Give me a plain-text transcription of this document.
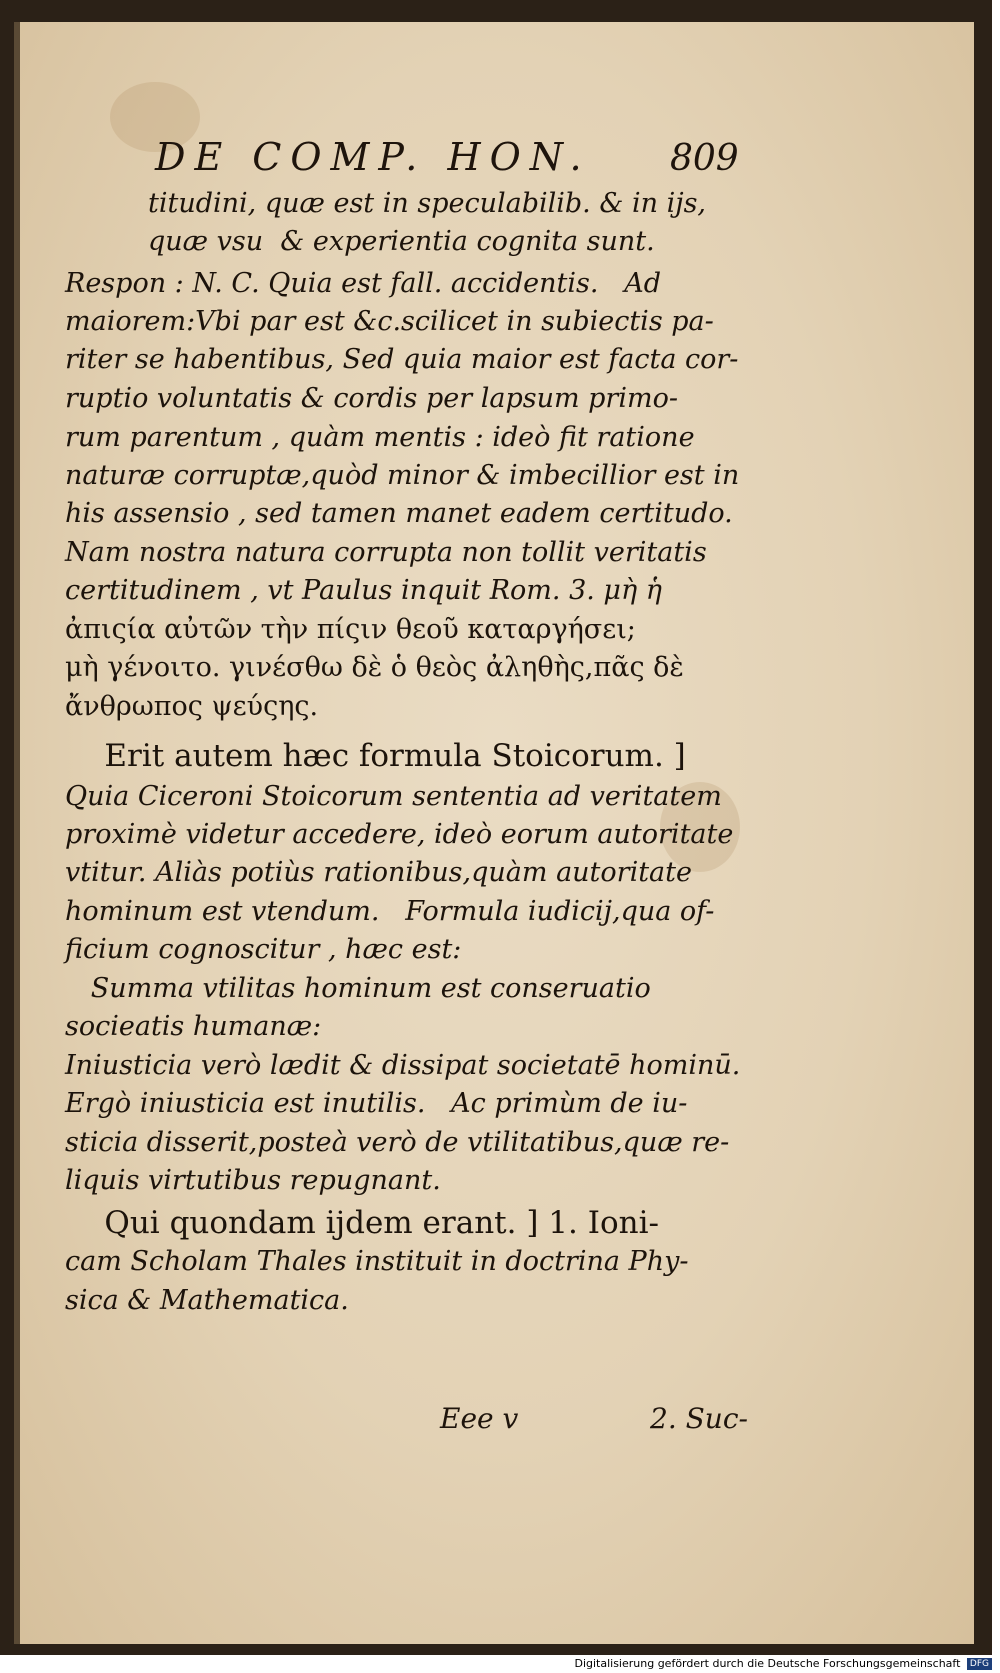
DE COMP. HON.	809
titudini, quæ est in speculabilib. & in ijs,
quæ vsu  & experientia cognita sunt.
Respon : N. C. Quia est fall. accidentis.   Ad
maiorem:Vbi par est &c.scilicet in subiectis pa-
riter se habentibus, Sed quia maior est facta cor-
ruptio voluntatis & cordis per lapsum primo-
rum parentum , quàm mentis : ideò fit ratione
naturæ corruptæ,quòd minor & imbecillior est in
his assensio , sed tamen manet eadem certitudo.
Nam nostra natura corrupta non tollit veritatis
certitudinem , vt Paulus inquit Rom. 3. μὴ ἡ
ἀπιςία αὐτῶν τὴν πίςιν θεοῦ καταργήσει;
μὴ γένοιτο. γινέσθω δὲ ὁ θεὸς ἀληθὴς,πᾶς δὲ
ἄνθρωπος ψεύςης.
Erit autem hæc formula Stoicorum. ]
Quia Ciceroni Stoicorum sententia ad veritatem
proximè videtur accedere, ideò eorum autoritate
vtitur. Aliàs potiùs rationibus,quàm autoritate
hominum est vtendum.   Formula iudicij,qua of-
ficium cognoscitur , hæc est:
Summa vtilitas hominum est conseruatio
socieatis humanæ:
Iniusticia verò lædit & dissipat societatē hominū.
Ergò iniusticia est inutilis.   Ac primùm de iu-
sticia disserit,posteà verò de vtilitatibus,quæ re-
liquis virtutibus repugnant.
Qui quondam ijdem erant. ] 1. Ioni-
cam Scholam Thales instituit in doctrina Phy-
sica & Mathematica.
Eee v	2. Suc-
Digitalisierung gefördert durch die Deutsche Forschungsgemeinschaft DFG
